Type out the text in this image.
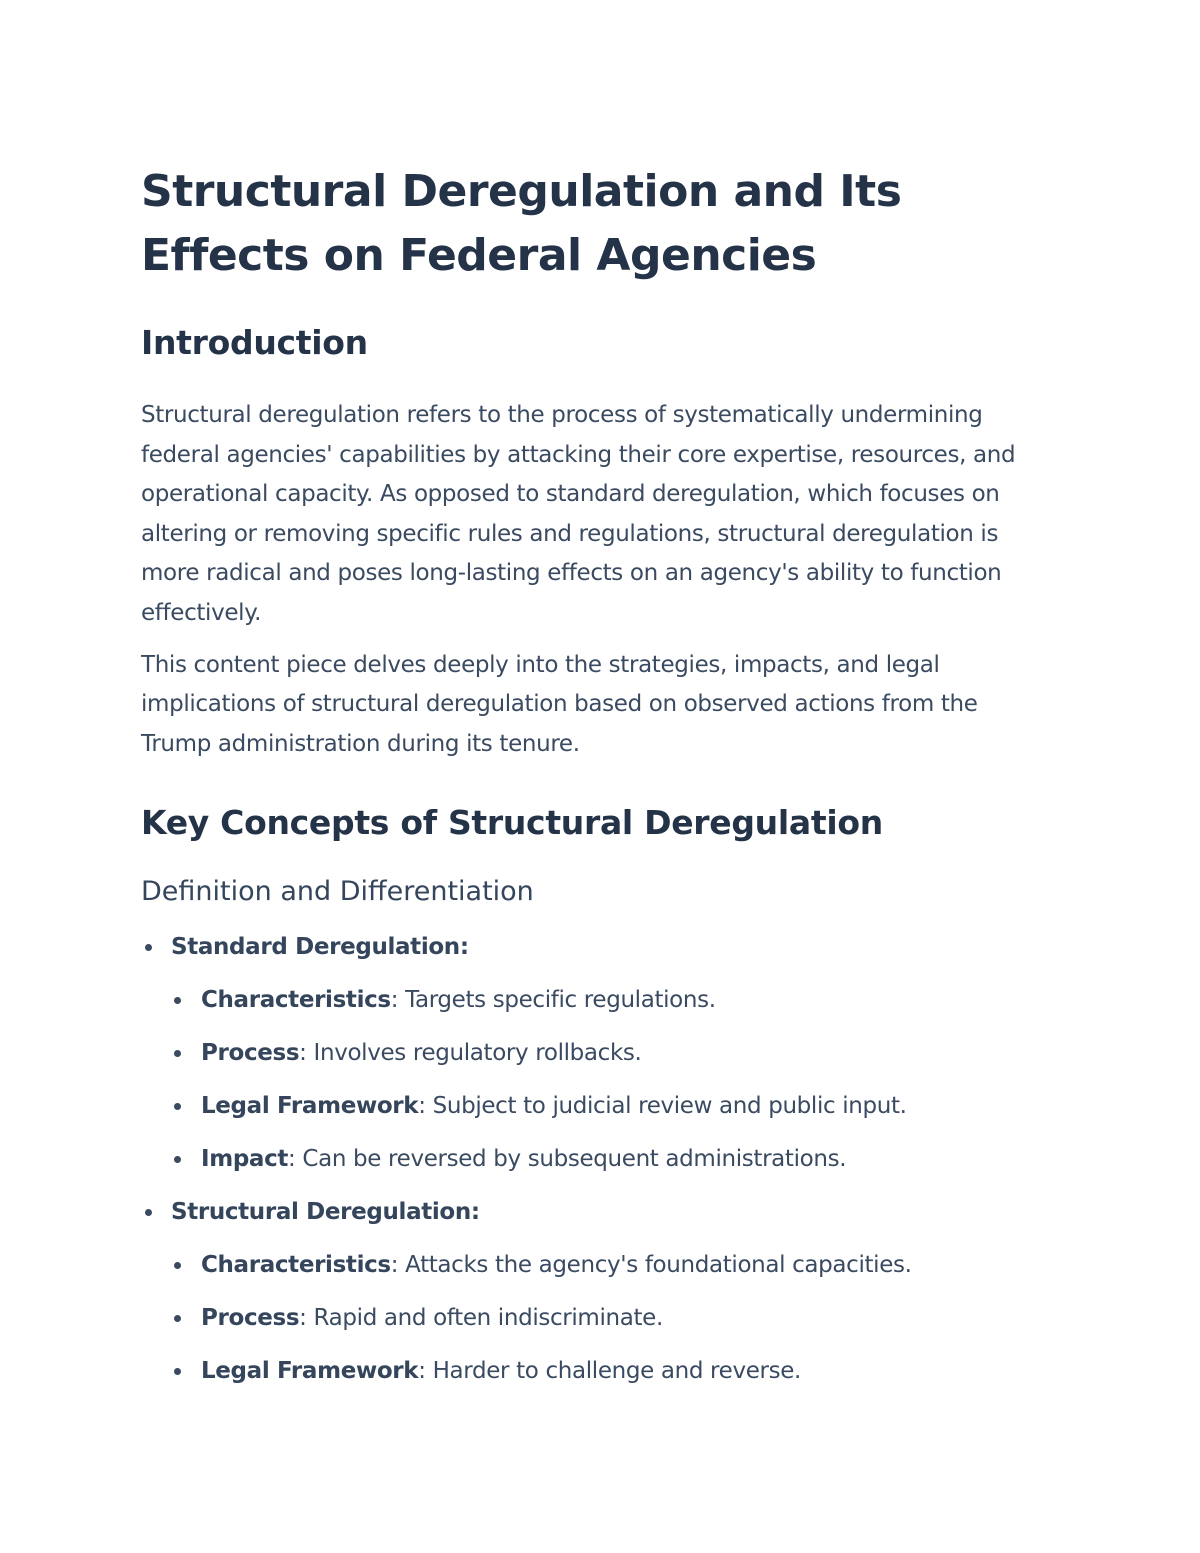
Structural Deregulation and Its Effects on Federal Agencies
Introduction

Structural deregulation refers to the process of systematically undermining federal agencies' capabilities by attacking their core expertise, resources, and operational capacity. As opposed to standard deregulation, which focuses on altering or removing specific rules and regulations, structural deregulation is more radical and poses long-lasting effects on an agency's ability to function effectively.

This content piece delves deeply into the strategies, impacts, and legal implications of structural deregulation based on observed actions from the Trump administration during its tenure.

Key Concepts of Structural Deregulation
Definition and Differentiation
Standard Deregulation:
Characteristics: Targets specific regulations.
Process: Involves regulatory rollbacks.
Legal Framework: Subject to judicial review and public input.
Impact: Can be reversed by subsequent administrations.
Structural Deregulation:
Characteristics: Attacks the agency's foundational capacities.
Process: Rapid and often indiscriminate.
Legal Framework: Harder to challenge and reverse.
